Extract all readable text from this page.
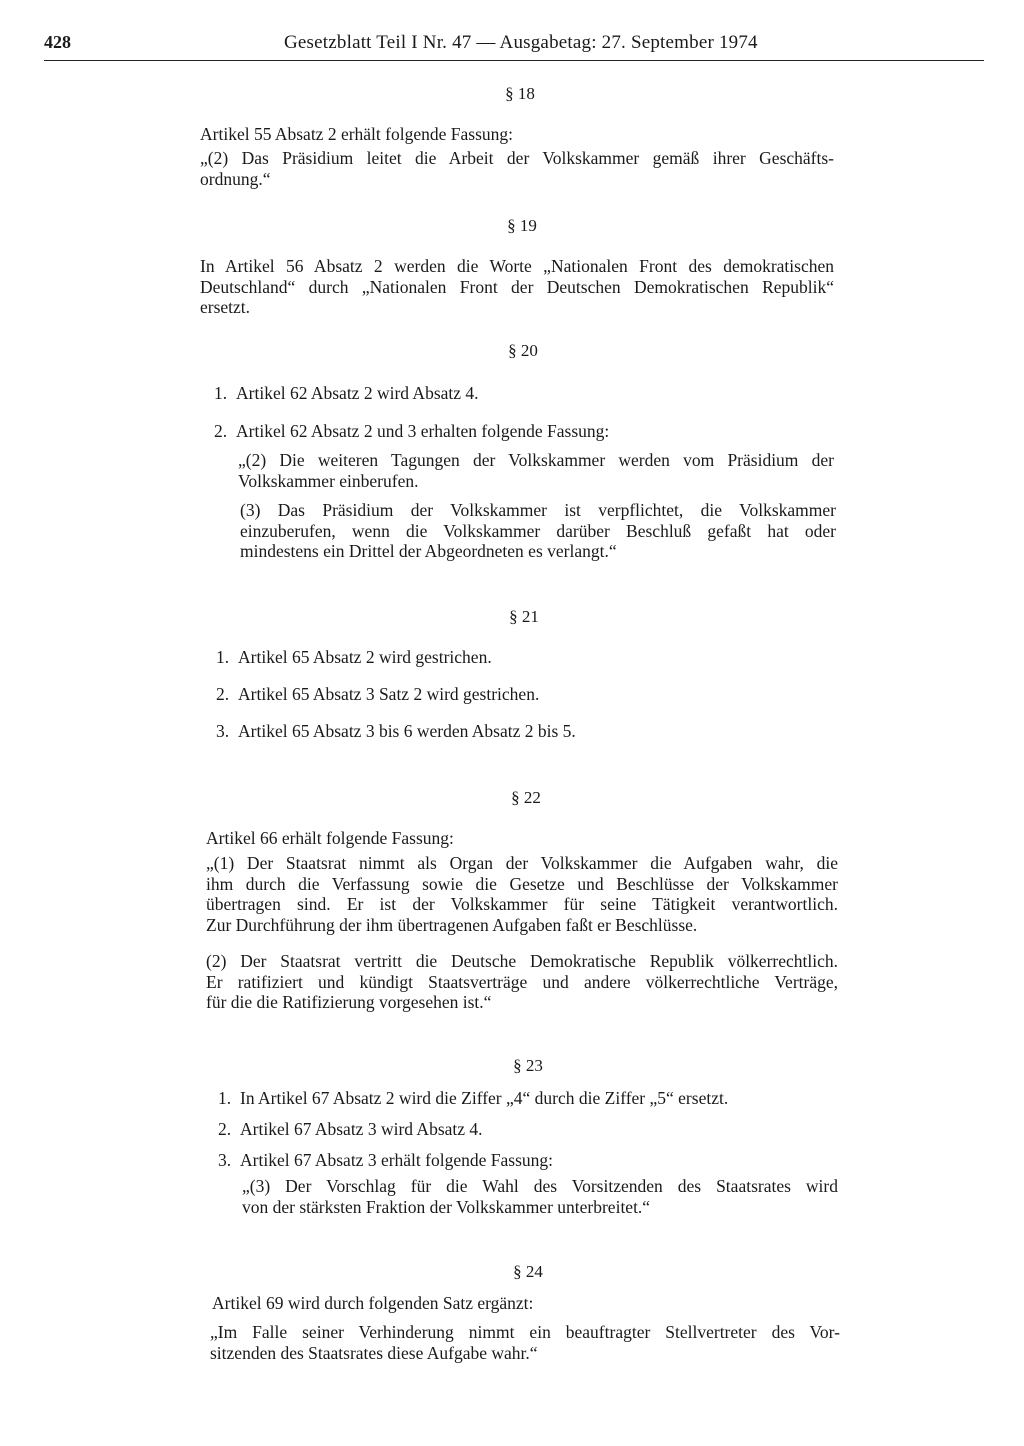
428	Gesetzblatt Teil I Nr. 47 — Ausgabetag: 27. September 1974
§ 18
Artikel 55 Absatz 2 erhält folgende Fassung:
„(2) Das Präsidium leitet die Arbeit der Volkskammer gemäß ihrer Geschäfts-
ordnung.“
§ 19
In Artikel 56 Absatz 2 werden die Worte „Nationalen Front des demokratischen
Deutschland“ durch „Nationalen Front der Deutschen Demokratischen Republik“
ersetzt.
§ 20
1. Artikel 62 Absatz 2 wird Absatz 4.
2. Artikel 62 Absatz 2 und 3 erhalten folgende Fassung:
„(2) Die weiteren Tagungen der Volkskammer werden vom Präsidium der
Volkskammer einberufen.
(3) Das Präsidium der Volkskammer ist verpflichtet, die Volkskammer
einzuberufen, wenn die Volkskammer darüber Beschluß gefaßt hat oder
mindestens ein Drittel der Abgeordneten es verlangt.“
§ 21
1. Artikel 65 Absatz 2 wird gestrichen.
2. Artikel 65 Absatz 3 Satz 2 wird gestrichen.
3. Artikel 65 Absatz 3 bis 6 werden Absatz 2 bis 5.
§ 22
Artikel 66 erhält folgende Fassung:
„(1) Der Staatsrat nimmt als Organ der Volkskammer die Aufgaben wahr, die
ihm durch die Verfassung sowie die Gesetze und Beschlüsse der Volkskammer
übertragen sind. Er ist der Volkskammer für seine Tätigkeit verantwortlich.
Zur Durchführung der ihm übertragenen Aufgaben faßt er Beschlüsse.
(2) Der Staatsrat vertritt die Deutsche Demokratische Republik völkerrechtlich.
Er ratifiziert und kündigt Staatsverträge und andere völkerrechtliche Verträge,
für die die Ratifizierung vorgesehen ist.“
§ 23
1. In Artikel 67 Absatz 2 wird die Ziffer „4“ durch die Ziffer „5“ ersetzt.
2. Artikel 67 Absatz 3 wird Absatz 4.
3. Artikel 67 Absatz 3 erhält folgende Fassung:
„(3) Der Vorschlag für die Wahl des Vorsitzenden des Staatsrates wird
von der stärksten Fraktion der Volkskammer unterbreitet.“
§ 24
Artikel 69 wird durch folgenden Satz ergänzt:
„Im Falle seiner Verhinderung nimmt ein beauftragter Stellvertreter des Vor-
sitzenden des Staatsrates diese Aufgabe wahr.“
